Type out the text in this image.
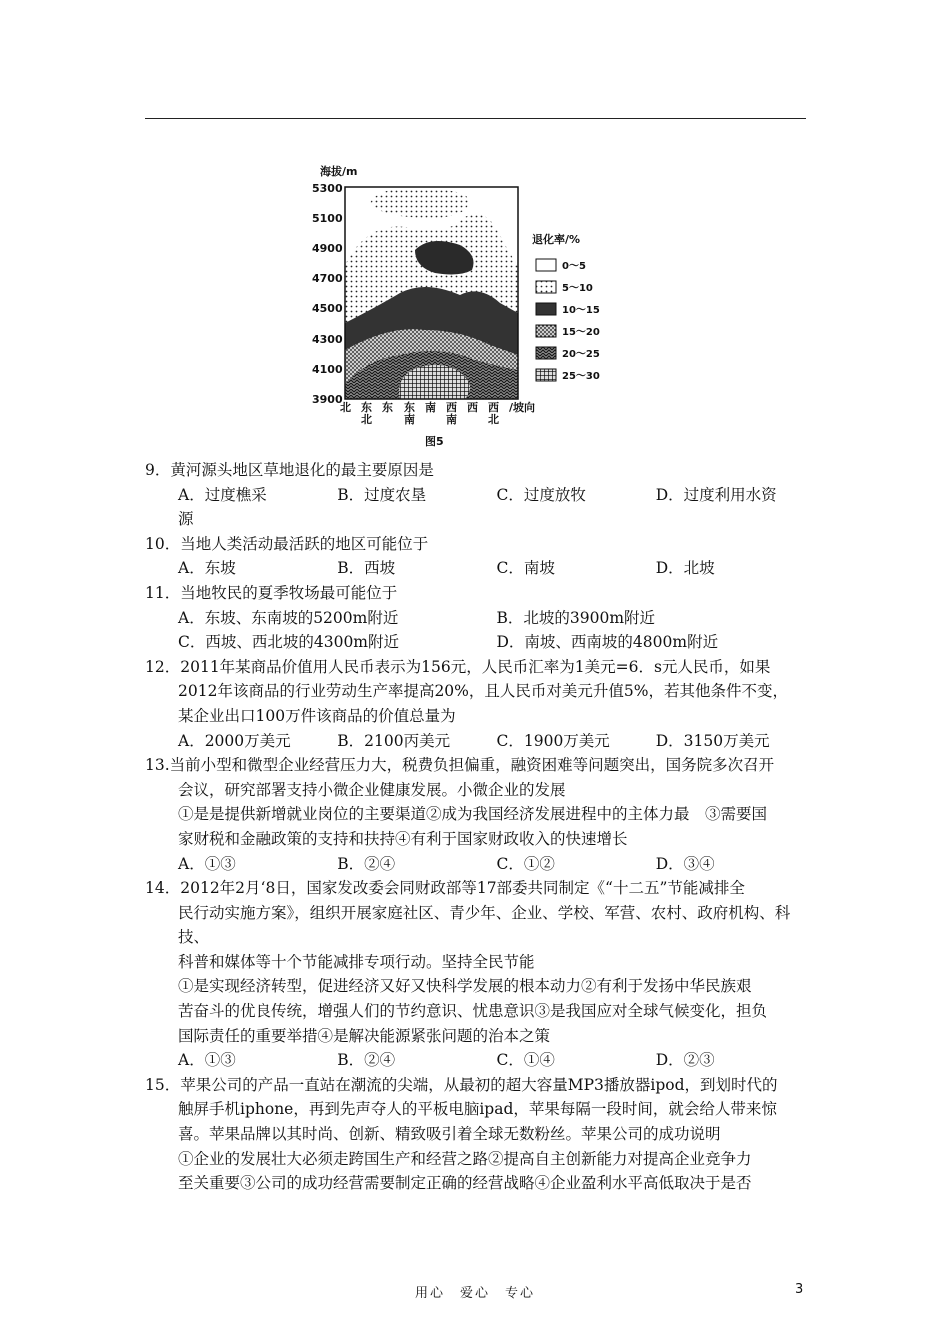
海拔/m
5300
5100
4900
4700
4500
4300
4100
3900
北 东
北
东 东
南
南 西
南
西 西
北
/坡向
图5
退化率/%
0～5
5～10
10～15
15～20
20～25
25～30
9．黄河源头地区草地退化的最主要原因是
A．过度樵采	B．过度农垦	C．过度放牧	D．过度利用水资
源
10．当地人类活动最活跃的地区可能位于
A．东坡	B．西坡	C．南坡	D．北坡
11．当地牧民的夏季牧场最可能位于
A．东坡、东南坡的5200m附近	B．北坡的3900m附近
C．西坡、西北坡的4300m附近	D．南坡、西南坡的4800m附近
12．2011年某商品价值用人民币表示为156元，人民币汇率为1美元=6．s元人民币，如果
2012年该商品的行业劳动生产率提高20%，且人民币对美元升值5%，若其他条件不变，
某企业出口100万件该商品的价值总量为
A．2000万美元	B．2100丙美元	C．1900万美元	D．3150万美元
13.当前小型和微型企业经营压力大，税费负担偏重，融资困难等问题突出，国务院多次召开
会议，研究部署支持小微企业健康发展。小微企业的发展
①是是提供新增就业岗位的主要渠道②成为我国经济发展进程中的主体力最　③需要国
家财税和金融政策的支持和扶持④有利于国家财政收入的快速增长
A．①③	B．②④	C．①②	D．③④
14．2012年2月‘8日，国家发改委会同财政部等17部委共同制定《“十二五”节能减排全
民行动实施方案》，组织开展家庭社区、青少年、企业、学校、军营、农村、政府机构、科技、
科普和媒体等十个节能减排专项行动。坚持全民节能
①是实现经济转型，促进经济又好又快科学发展的根本动力②有利于发扬中华民族艰
苦奋斗的优良传统，增强人们的节约意识、忧患意识③是我国应对全球气候变化，担负
国际责任的重要举措④是解决能源紧张问题的治本之策
A．①③	B．②④	C．①④	D．②③
15．苹果公司的产品一直站在潮流的尖端，从最初的超大容量MP3播放器ipod，到划时代的
触屏手机iphone，再到先声夺人的平板电脑ipad，苹果每隔一段时间，就会给人带来惊
喜。苹果品牌以其时尚、创新、精致吸引着全球无数粉丝。苹果公司的成功说明
①企业的发展壮大必须走跨国生产和经营之路②提高自主创新能力对提高企业竞争力
至关重要③公司的成功经营需要制定正确的经营战略④企业盈利水平高低取决于是否
用心　爱心　专心	3
